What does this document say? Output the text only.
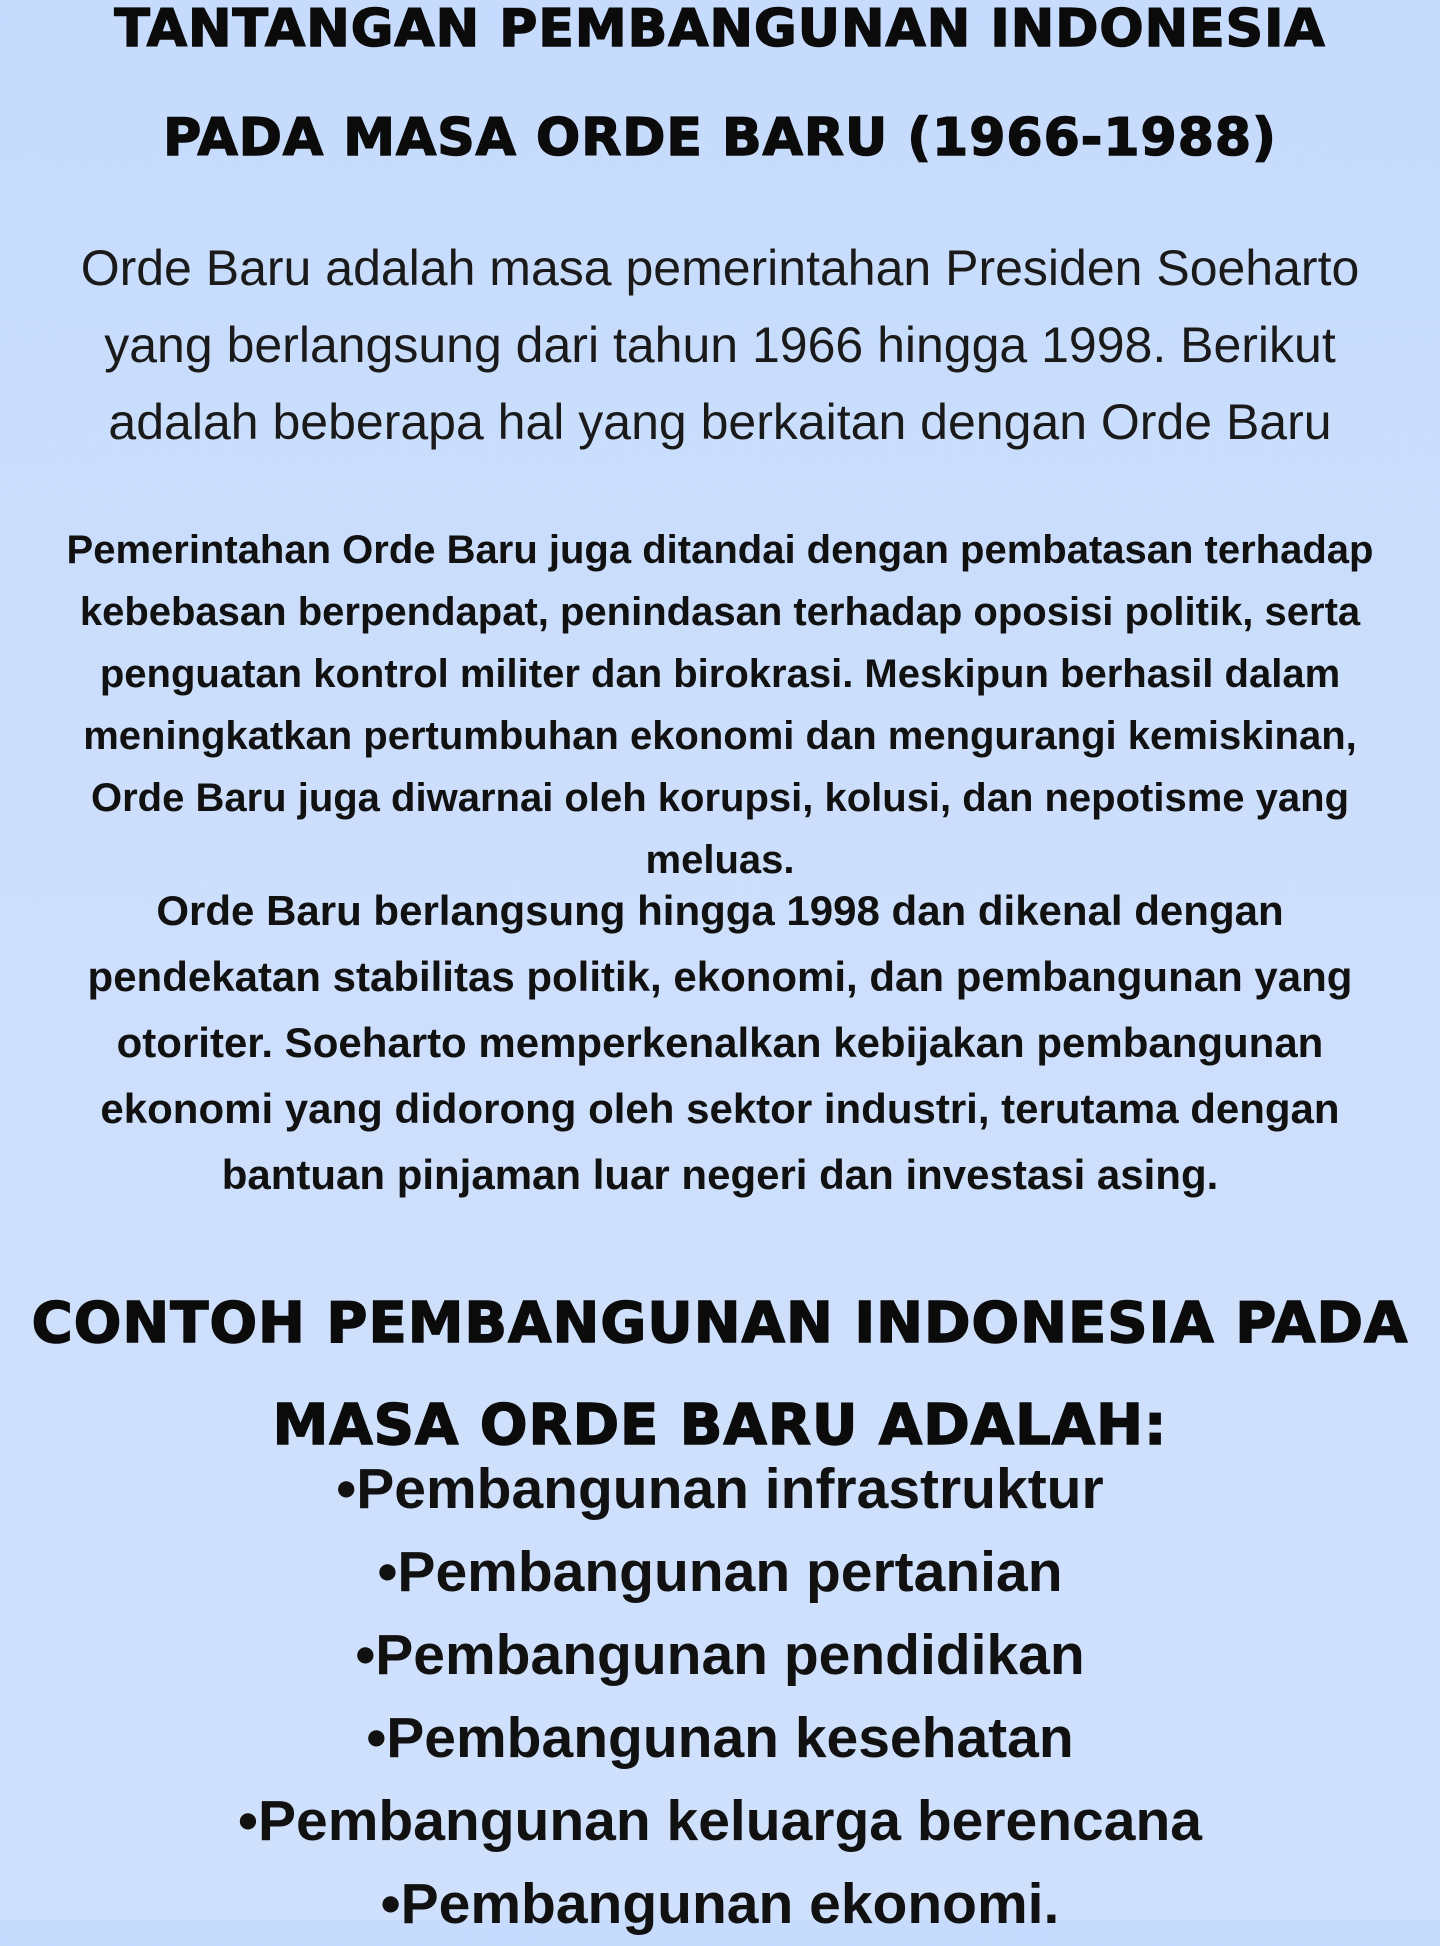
TANTANGAN PEMBANGUNAN INDONESIA
PADA MASA ORDE BARU (1966-1988)

Orde Baru adalah masa pemerintahan Presiden Soeharto yang berlangsung dari tahun 1966 hingga 1998. Berikut adalah beberapa hal yang berkaitan dengan Orde Baru

Pemerintahan Orde Baru juga ditandai dengan pembatasan terhadap kebebasan berpendapat, penindasan terhadap oposisi politik, serta penguatan kontrol militer dan birokrasi. Meskipun berhasil dalam meningkatkan pertumbuhan ekonomi dan mengurangi kemiskinan, Orde Baru juga diwarnai oleh korupsi, kolusi, dan nepotisme yang meluas.

Orde Baru berlangsung hingga 1998 dan dikenal dengan pendekatan stabilitas politik, ekonomi, dan pembangunan yang otoriter. Soeharto memperkenalkan kebijakan pembangunan ekonomi yang didorong oleh sektor industri, terutama dengan bantuan pinjaman luar negeri dan investasi asing.

CONTOH PEMBANGUNAN INDONESIA PADA
MASA ORDE BARU ADALAH:
•Pembangunan infrastruktur
•Pembangunan pertanian
•Pembangunan pendidikan
•Pembangunan kesehatan
•Pembangunan keluarga berencana
•Pembangunan ekonomi.
